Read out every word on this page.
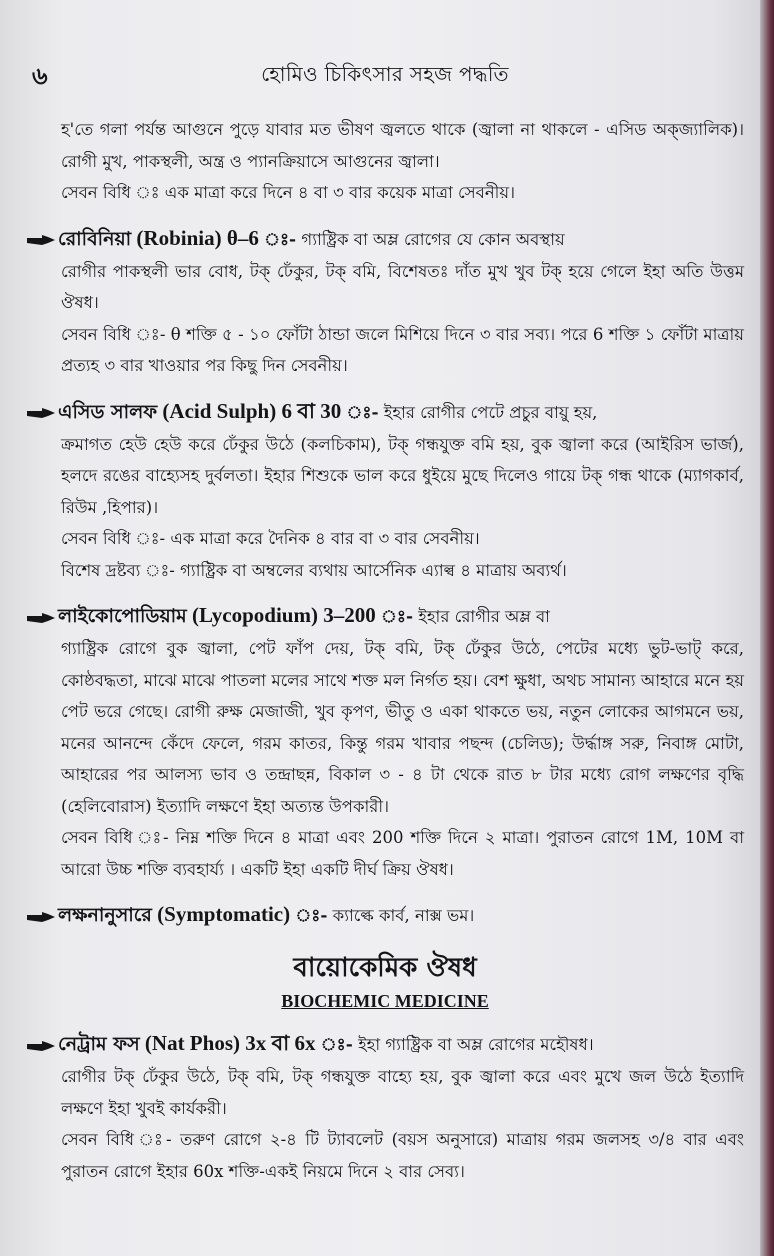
৬	হোমিও চিকিৎসার সহজ পদ্ধতি

হ'তে গলা পর্যন্ত আগুনে পুড়ে যাবার মত ভীষণ জ্বলতে থাকে (জ্বালা না থাকলে - এসিড অক্‌জ্যালিক)। রোগী মুখ, পাকস্থলী, অন্ত্র ও প্যানক্রিয়াসে আগুনের জ্বালা।

সেবন বিধি ঃ এক মাত্রা করে দিনে ৪ বা ৩ বার কয়েক মাত্রা সেবনীয়।

রোবিনিয়া (Robinia) θ–6 ঃ- গ্যাষ্ট্রিক বা অম্ল রোগের যে কোন অবস্থায়
রোগীর পাকস্থলী ভার বোধ, টক্ ঢেঁকুর, টক্ বমি, বিশেষতঃ দাঁত মুখ খুব টক্ হয়ে গেলে ইহা অতি উত্তম ঔষধ।
সেবন বিধি ঃ- θ শক্তি ৫ - ১০ ফোঁটা ঠান্ডা জলে মিশিয়ে দিনে ৩ বার সব্য। পরে 6 শক্তি ১ ফোঁটা মাত্রায় প্রত্যহ ৩ বার খাওয়ার পর কিছু দিন সেবনীয়।
এসিড সালফ (Acid Sulph) 6 বা 30 ঃ- ইহার রোগীর পেটে প্রচুর বায়ু হয়,
ক্রমাগত হেউ হেউ করে ঢেঁকুর উঠে (কলচিকাম), টক্ গন্ধযুক্ত বমি হয়, বুক জ্বালা করে (আইরিস ভার্জ), হলদে রঙের বাহ্যেসহ দুর্বলতা। ইহার শিশুকে ভাল করে ধুইয়ে মুছে দিলেও গায়ে টক্ গন্ধ থাকে (ম্যাগকার্ব, রিউম ,হিপার)।
সেবন বিধি ঃ- এক মাত্রা করে দৈনিক ৪ বার বা ৩ বার সেবনীয়।
বিশেষ দ্রষ্টব্য ঃ- গ্যাষ্ট্রিক বা অম্বলের ব্যথায় আর্সেনিক এ্যাল্ব ৪ মাত্রায় অব্যর্থ।
লাইকোপোডিয়াম (Lycopodium) 3–200 ঃ- ইহার রোগীর অম্ল বা
গ্যাষ্ট্রিক রোগে বুক জ্বালা, পেট ফাঁপ দেয়, টক্ বমি, টক্ ঢেঁকুর উঠে, পেটের মধ্যে ভুট-ভাট্ করে, কোষ্ঠবদ্ধতা, মাঝে মাঝে পাতলা মলের সাথে শক্ত মল নির্গত হয়। বেশ ক্ষুধা, অথচ সামান্য আহারে মনে হয় পেট ভরে গেছে। রোগী রুক্ষ মেজাজী, খুব কৃপণ, ভীতু ও একা থাকতে ভয়, নতুন লোকের আগমনে ভয়, মনের আনন্দে কেঁদে ফেলে, গরম কাতর, কিন্তু গরম খাবার পছন্দ (চেলিড); উর্দ্ধাঙ্গ সরু, নিবাঙ্গ মোটা, আহারের পর আলস্য ভাব ও তন্দ্রাছন্ন, বিকাল ৩ - ৪ টা থেকে রাত ৮ টার মধ্যে রোগ লক্ষণের বৃদ্ধি (হেলিবোরাস) ইত্যাদি লক্ষণে ইহা অত্যন্ত উপকারী।
সেবন বিধি ঃ- নিম্ন শক্তি দিনে ৪ মাত্রা এবং 200 শক্তি দিনে ২ মাত্রা। পুরাতন রোগে 1M, 10M বা আরো উচ্চ শক্তি ব্যবহার্য্য । একটি ইহা একটি দীর্ঘ ক্রিয় ঔষধ।
লক্ষনানুসারে (Symptomatic) ঃ- ক্যাল্কে কার্ব, নাক্স ভম।
বায়োকেমিক ঔষধ
BIOCHEMIC MEDICINE
নেট্রাম ফস (Nat Phos) 3x বা 6x ঃ- ইহা গ্যাষ্ট্রিক বা অম্ল রোগের মহৌষধ।
রোগীর টক্ ঢেঁকুর উঠে, টক্ বমি, টক্ গন্ধযুক্ত বাহ্যে হয়, বুক জ্বালা করে এবং মুখে জল উঠে ইত্যাদি লক্ষণে ইহা খুবই কার্যকরী।
সেবন বিধি ঃ- তরুণ রোগে ২-৪ টি ট্যাবলেট (বয়স অনুসারে) মাত্রায় গরম জলসহ ৩/৪ বার এবং পুরাতন রোগে ইহার 60x শক্তি-একই নিয়মে দিনে ২ বার সেব্য।
